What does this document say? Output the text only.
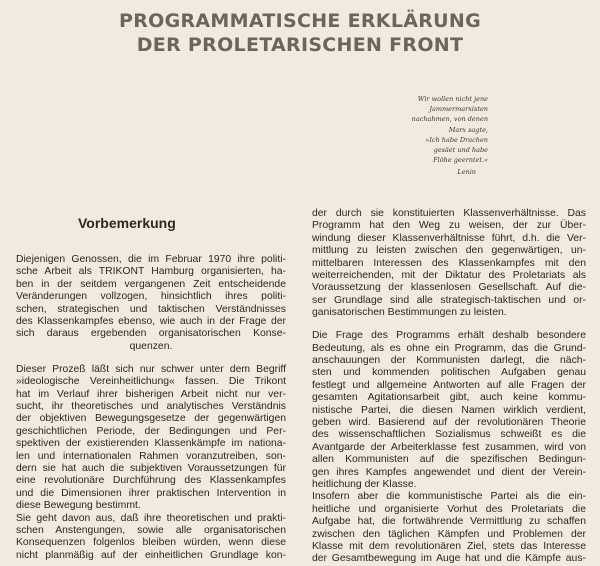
PROGRAMMATISCHE ERKLÄRUNG
DER PROLETARISCHEN FRONT
Wir wollen nicht jene
Jammermarxisten
nachahmen, von denen
Marx sagte,
»Ich habe Drachen
gesäet und habe
Flöhe geerntet.«
Lenin
Vorbemerkung
Diejenigen Genossen, die im Februar 1970 ihre politi-
sche Arbeit als TRIKONT Hamburg organisierten, ha-
ben in der seitdem vergangenen Zeit entscheidende
Veränderungen vollzogen, hinsichtlich ihres politi-
schen, strategischen und taktischen Verständnisses
des Klassenkampfes ebenso, wie auch in der Frage der
sich daraus ergebenden organisatorischen Konse-
quenzen.
Dieser Prozeß läßt sich nur schwer unter dem Begriff
»ideologische Vereinheitlichung« fassen. Die Trikont
hat im Verlauf ihrer bisherigen Arbeit nicht nur ver-
sucht, ihr theoretisches und analytisches Verständnis
der objektiven Bewegungsgesetze der gegenwärtigen
geschichtlichen Periode, der Bedingungen und Per-
spektiven der existierenden Klassenkämpfe im nationa-
len und internationalen Rahmen voranzutreiben, son-
dern sie hat auch die subjektiven Voraussetzungen für
eine revolutionäre Durchführung des Klassenkampfes
und die Dimensionen ihrer praktischen Intervention in
diese Bewegung bestimmt.
Sie geht davon aus, daß ihre theoretischen und prakti-
schen Anstengungen, sowie alle organisatorischen
Konsequenzen folgenlos bleiben würden, wenn diese
nicht planmäßig auf der einheitlichen Grundlage kon-
der durch sie konstituierten Klassenverhältnisse. Das
Programm hat den Weg zu weisen, der zur Über-
windung dieser Klassenverhältnisse führt, d.h. die Ver-
mittlung zu leisten zwischen den gegenwärtigen, un-
mittelbaren Interessen des Klassenkampfes mit den
weiterreichenden, mit der Diktatur des Proletariats als
Voraussetzung der klassenlosen Gesellschaft. Auf die-
ser Grundlage sind alle strategisch-taktischen und or-
ganisatorischen Bestimmungen zu leisten.
Die Frage des Programms erhält deshalb besondere
Bedeutung, als es ohne ein Programm, das die Grund-
anschauungen der Kommunisten darlegt, die näch-
sten und kommenden politischen Aufgaben genau
festlegt und allgemeine Antworten auf alle Fragen der
gesamten Agitationsarbeit gibt, auch keine kommu-
nistische Partei, die diesen Namen wirklich verdient,
geben wird. Basierend auf der revolutionären Theorie
des wissenschaftlichen Sozialismus schweißt es die
Avantgarde der Arbeiterklasse fest zusammen, wird von
allen Kommunisten auf die spezifischen Bedingun-
gen ihres Kampfes angewendet und dient der Verein-
heitlichung der Klasse.
Insofern aber die kommunistische Partei als die ein-
heitliche und organisierte Vorhut des Proletariats die
Aufgabe hat, die fortwährende Vermittlung zu schaffen
zwischen den täglichen Kämpfen und Problemen der
Klasse mit dem revolutionären Ziel, stets das Interesse
der Gesamtbewegung im Auge hat und die Kämpfe aus-
